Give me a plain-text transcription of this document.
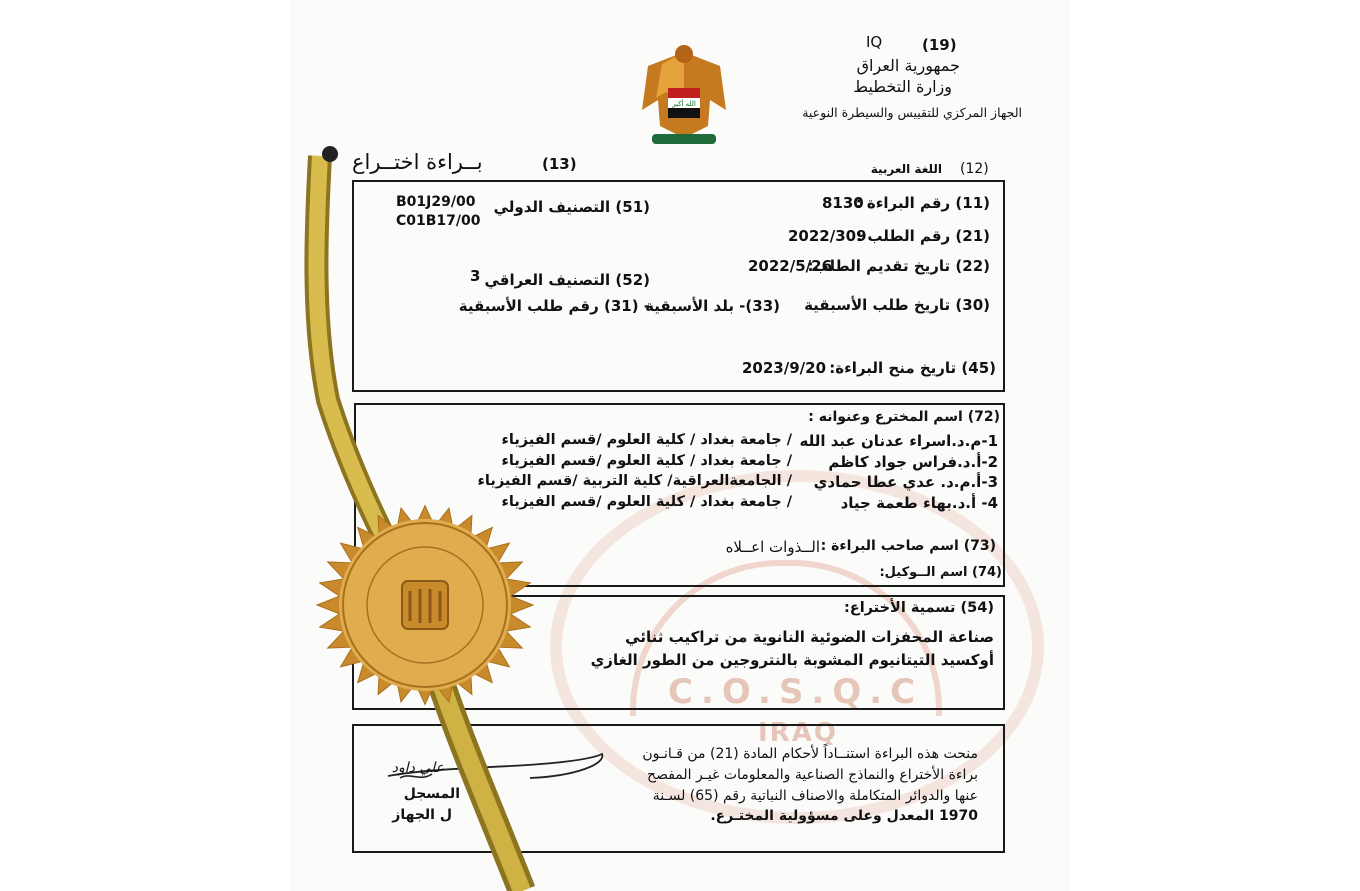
C.O.S.Q.C
IRAQ
(19)
IQ
جمهورية العراق
وزارة التخطيط
الجهاز المركزي للتقييس والسيطرة النوعية
الله أكبر
بــراءة اختــراع	(13)	اللغة العربية (12)
(11) رقم البراءة :
8130
(51) التصنيف الدولي
B01J29/00
C01B17/00
(21) رقم الطلب :
2022/309
(22) تاريخ تقديم الطلب:
2022/5/26
(52) التصنيف العراقي
3
(30) تاريخ طلب الأسبقية
(33)- بلد الأسبقية
- (31) رقم طلب الأسبقية
(45) تاريخ منح البراءة:
2023/9/20
(72) اسم المخترع وعنوانه :
1-م.د.اسراء عدنان عبد الله
/ جامعة بغداد / كلية العلوم /قسم الفيزياء
2-أ.د.فراس جواد كاظم
/ جامعة بغداد / كلية العلوم /قسم الفيزياء
3-أ.م.د. عدي عطا حمادي
/ الجامعةالعراقية/ كلية التربية /قسم الفيزياء
4- أ.د.بهاء طعمة جياد
/ جامعة بغداد / كلية العلوم /قسم الفيزياء
(73) اسم صاحب البراءة :
الــذوات اعــلاه
(74) اسم الــوكيل:
(54) تسمية الأختراع:
صناعة المحفزات الضوئية النانوية من تراكيب ثنائي
أوكسيد التيتانيوم المشوبة بالنتروجين من الطور الغازي
منحت هذه البراءة استنــاداً لأحكام المادة (21) من قـانـون
براءة الأختراع والنماذج الصناعية والمعلومات غيـر المفصح
عنها والدوائر المتكاملة والاصناف النباتية رقم (65) لسـنة
1970 المعدل وعلى مسؤولية المختـرع.
علي داود
المسجل
ل الجهاز
